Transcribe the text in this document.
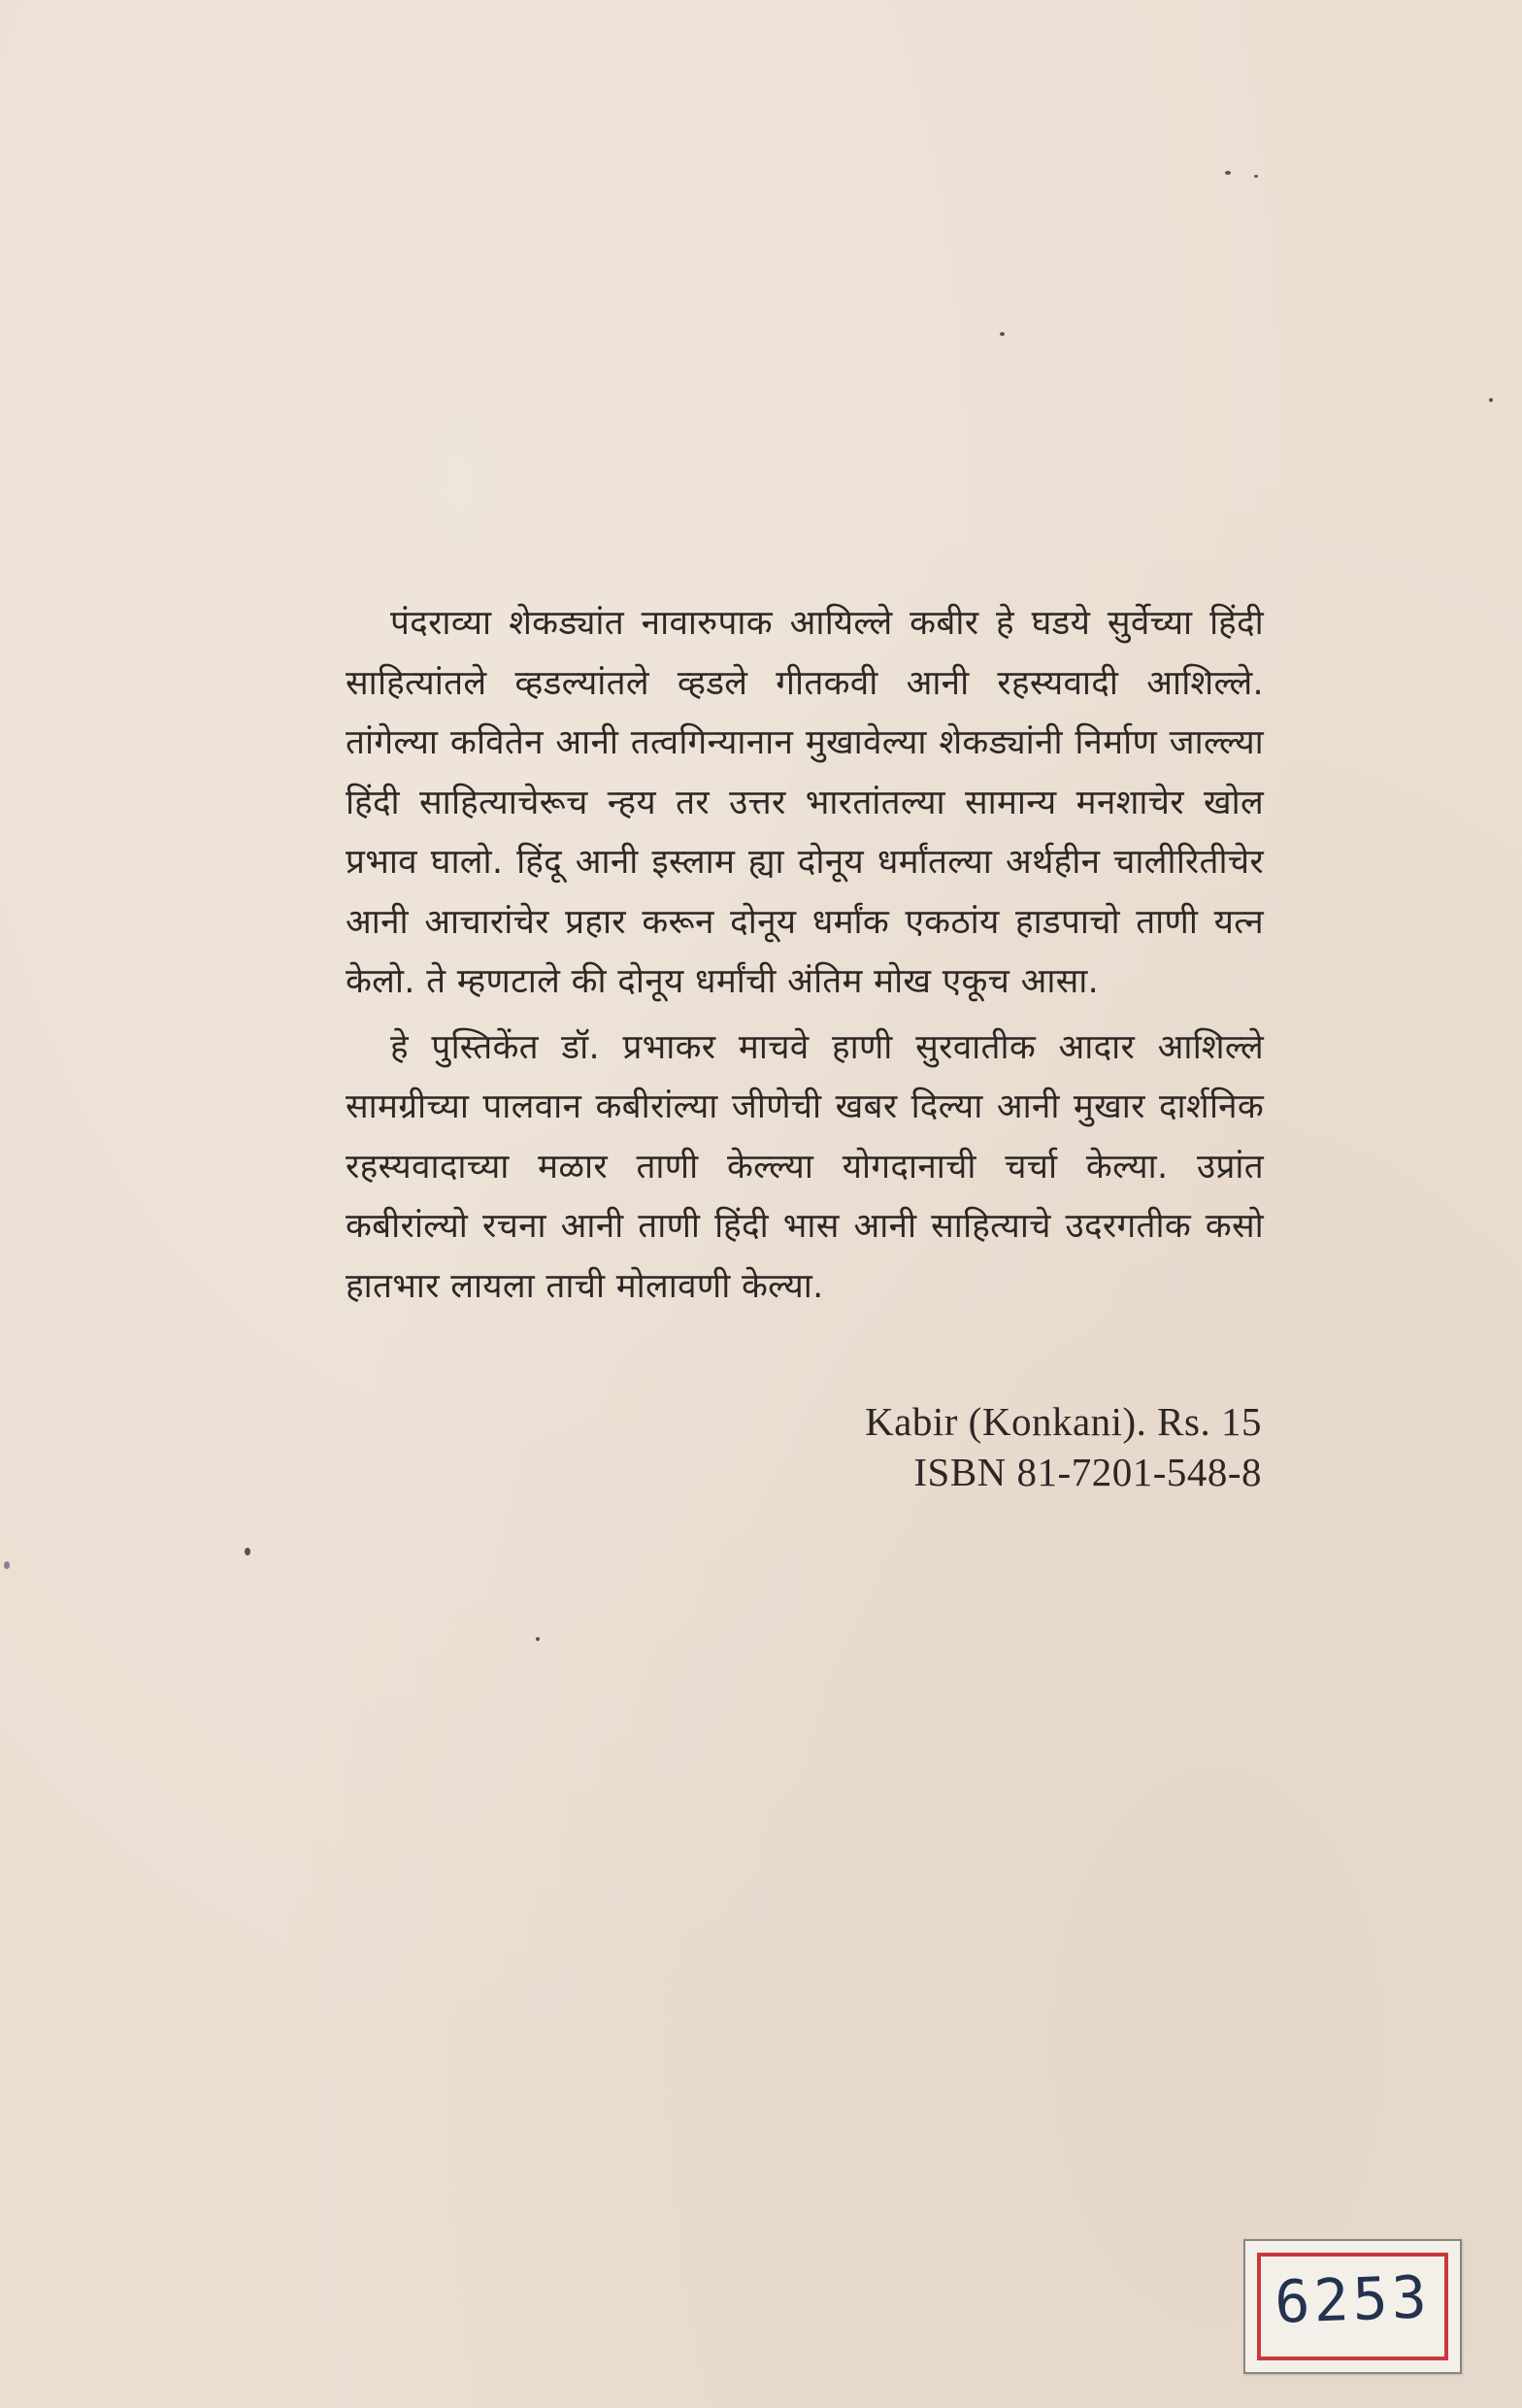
पंदराव्या शेकड्यांत नावारुपाक आयिल्ले कबीर हे घडये सुर्वेच्या हिंदी साहित्यांतले व्हडल्यांतले व्हडले गीतकवी आनी रहस्यवादी आशिल्ले. तांगेल्या कवितेन आनी तत्वगिन्यानान मुखावेल्या शेकड्यांनी निर्माण जाल्ल्या हिंदी साहित्याचेरूच न्हय तर उत्तर भारतांतल्या सामान्य मनशाचेर खोल प्रभाव घालो. हिंदू आनी इस्लाम ह्या दोनूय धर्मांतल्या अर्थहीन चालीरितीचेर आनी आचारांचेर प्रहार करून दोनूय धर्मांक एकठांय हाडपाचो ताणी यत्न केलो. ते म्हणटाले की दोनूय धर्मांची अंतिम मोख एकूच आसा.

हे पुस्तिकेंत डॉ. प्रभाकर माचवे हाणी सुरवातीक आदार आशिल्ले सामग्रीच्या पालवान कबीरांल्या जीणेची खबर दिल्या आनी मुखार दार्शनिक रहस्यवादाच्या मळार ताणी केल्ल्या योगदानाची चर्चा केल्या. उप्रांत कबीरांल्यो रचना आनी ताणी हिंदी भास आनी साहित्याचे उदरगतीक कसो हातभार लायला ताची मोलावणी केल्या.

Kabir (Konkani). Rs. 15
ISBN 81-7201-548-8
6253
